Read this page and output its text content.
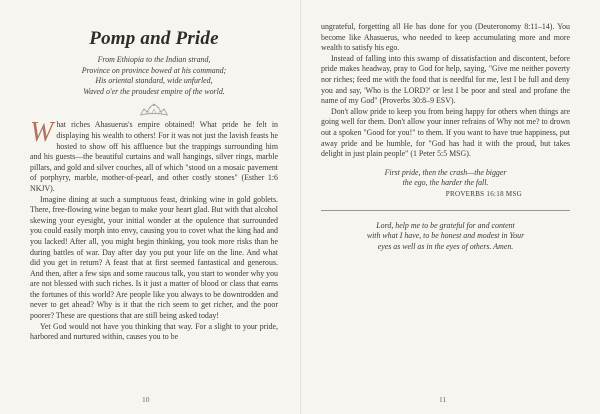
Pomp and Pride
From Ethiopia to the Indian strand,
Province on province bowed at his command;
His oriental standard, wide unfurled,
Waved o'er the proudest empire of the world.

What riches Ahasuerus's empire obtained! What pride he felt in displaying his wealth to others! For it was not just the lavish feasts he hosted to show off his affluence but the trappings surrounding him and his guests—the beautiful curtains and wall hangings, silver rings, marble pillars, and gold and silver couches, all of which "stood on a mosaic pavement of porphyry, marble, mother-of-pearl, and other costly stones" (Esther 1:6 NKJV).

Imagine dining at such a sumptuous feast, drinking wine in gold goblets. There, free-flowing wine began to make your heart glad. But with that alcohol skewing your eyesight, your initial wonder at the opulence that surrounded you could easily morph into envy, causing you to covet what the king had and you lacked! After all, you might begin thinking, you took more risks than he during battles of war. Day after day you put your life on the line. And what did you get in return? A feast that at first seemed fantastical and generous. And then, after a few sips and some raucous talk, you start to wonder why you are not blessed with such riches. Is it just a matter of blood or class that earns the fortunes of this world? Are people like you always to be downtrodden and never to get ahead? Why is it that the rich seem to get richer, and the poor poorer? These are questions that are still being asked today!

Yet God would not have you thinking that way. For a slight to your pride, harbored and nurtured within, causes you to be

10

ungrateful, forgetting all He has done for you (Deuteronomy 8:11–14). You become like Ahasuerus, who needed to keep accumulating more and more wealth to satisfy his ego.

Instead of falling into this swamp of dissatisfaction and discontent, before pride makes headway, pray to God for help, saying, "Give me neither poverty nor riches; feed me with the food that is needful for me, lest I be full and deny you and say, 'Who is the LORD?' or lest I be poor and steal and profane the name of my God" (Proverbs 30:8–9 ESV).

Don't allow pride to keep you from being happy for others when things are going well for them. Don't allow your inner refrains of Why not me? to drown out a spoken "Good for you!" to them. If you want to have true happiness, put away pride and be humble, for "God has had it with the proud, but takes delight in just plain people" (1 Peter 5:5 MSG).

First pride, then the crash—the bigger
the ego, the harder the fall.
PROVERBS 16:18 MSG
Lord, help me to be grateful for and content
with what I have, to be honest and modest in Your
eyes as well as in the eyes of others. Amen.
11
